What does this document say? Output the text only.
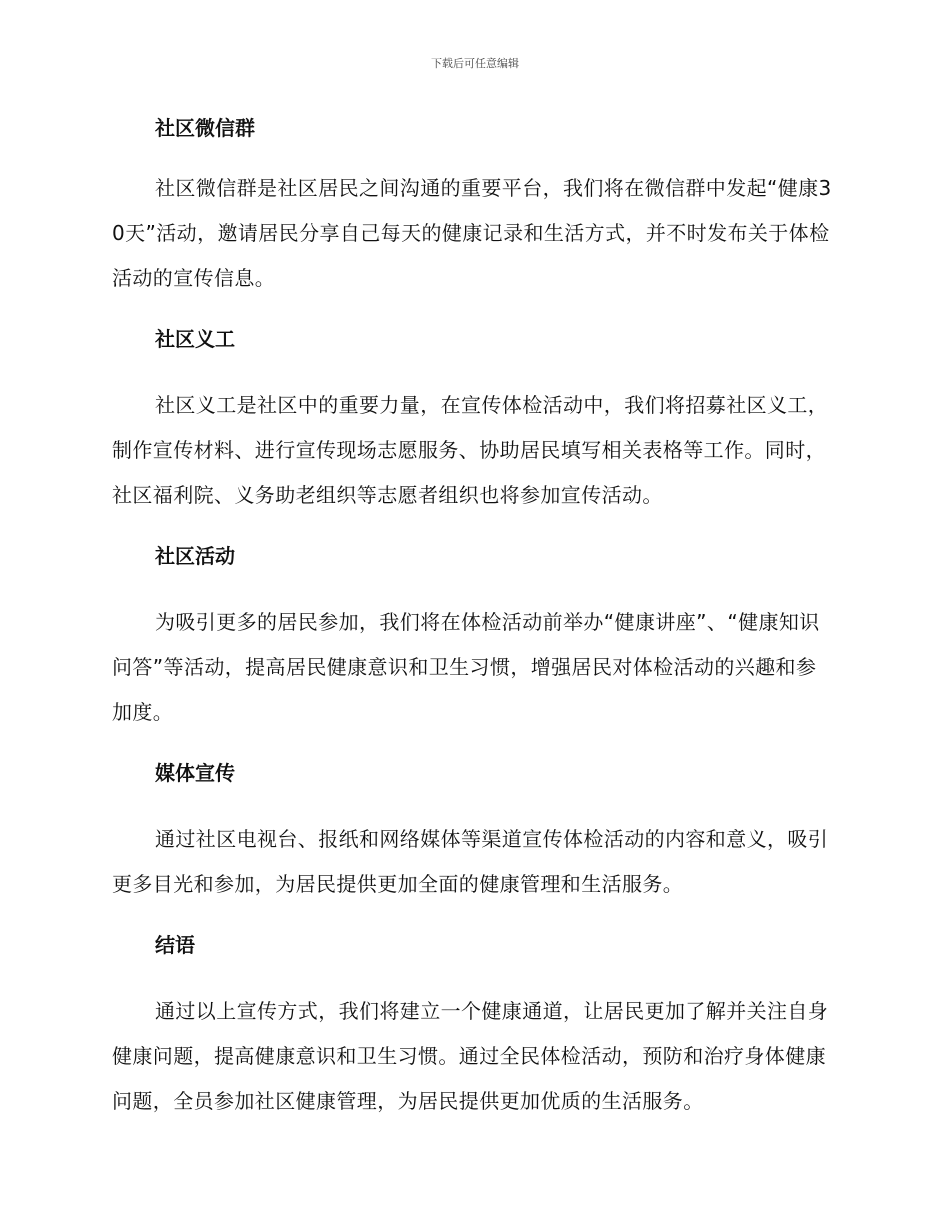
下载后可任意编辑
社区微信群
社区微信群是社区居民之间沟通的重要平台，我们将在微信群中发起“健康30天”活动，邀请居民分享自己每天的健康记录和生活方式，并不时发布关于体检活动的宣传信息。
社区义工
社区义工是社区中的重要力量，在宣传体检活动中，我们将招募社区义工，制作宣传材料、进行宣传现场志愿服务、协助居民填写相关表格等工作。同时，社区福利院、义务助老组织等志愿者组织也将参加宣传活动。
社区活动
为吸引更多的居民参加，我们将在体检活动前举办“健康讲座”、“健康知识问答”等活动，提高居民健康意识和卫生习惯，增强居民对体检活动的兴趣和参加度。
媒体宣传
通过社区电视台、报纸和网络媒体等渠道宣传体检活动的内容和意义，吸引更多目光和参加，为居民提供更加全面的健康管理和生活服务。
结语
通过以上宣传方式，我们将建立一个健康通道，让居民更加了解并关注自身健康问题，提高健康意识和卫生习惯。通过全民体检活动，预防和治疗身体健康问题，全员参加社区健康管理，为居民提供更加优质的生活服务。
